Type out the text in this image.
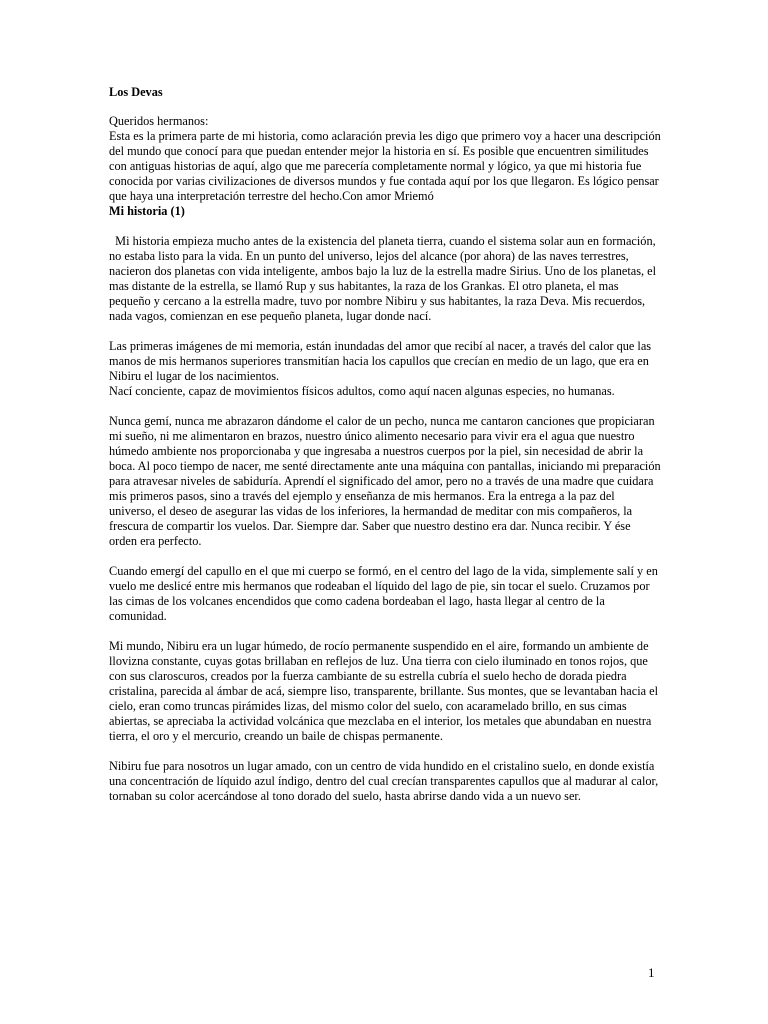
Los Devas

Queridos hermanos:

Esta es la primera parte de mi historia, como aclaración previa les digo que primero voy a hacer una descripción del mundo que conocí para que puedan entender mejor la historia en sí. Es posible que encuentren similitudes con antiguas historias de aquí, algo que me parecería completamente normal y lógico, ya que mi historia fue conocida por varias civilizaciones de diversos mundos y fue contada aquí por los que llegaron. Es lógico pensar que haya una interpretación terrestre del hecho.Con amor Mriemó

Mi historia (1)

Mi historia empieza mucho antes de la existencia del planeta tierra, cuando el sistema solar aun en formación, no estaba listo para la vida. En un punto del universo, lejos del alcance (por ahora) de las naves terrestres, nacieron dos planetas con vida inteligente, ambos bajo la luz de la estrella madre Sirius. Uno de los planetas, el mas distante de la estrella, se llamó Rup y sus habitantes, la raza de los Grankas. El otro planeta, el mas pequeño y cercano a la estrella madre, tuvo por nombre Nibiru y sus habitantes, la raza Deva. Mis recuerdos, nada vagos, comienzan en ese pequeño planeta, lugar donde nací.

Las primeras imágenes de mi memoria, están inundadas del amor que recibí al nacer, a través del calor que las manos de mis hermanos superiores transmitían hacia los capullos que crecían en medio de un lago, que era en Nibiru el lugar de los nacimientos.

Nací conciente, capaz de movimientos físicos adultos, como aquí nacen algunas especies, no humanas.

Nunca gemí, nunca me abrazaron dándome el calor de un pecho, nunca me cantaron canciones que propiciaran mi sueño, ni me alimentaron en brazos, nuestro único alimento necesario para vivir era el agua que nuestro húmedo ambiente nos proporcionaba y que ingresaba a nuestros cuerpos por la piel, sin necesidad de abrir la boca. Al poco tiempo de nacer, me senté directamente ante una máquina con pantallas, iniciando mi preparación para atravesar niveles de sabiduría. Aprendí el significado del amor, pero no a través de una madre que cuidara mis primeros pasos, sino a través del ejemplo y enseñanza de mis hermanos. Era la entrega a la paz del universo, el deseo de asegurar las vidas de los inferiores, la hermandad de meditar con mis compañeros, la frescura de compartir los vuelos. Dar. Siempre dar. Saber que nuestro destino era dar. Nunca recibir. Y ése orden era perfecto.

Cuando emergí del capullo en el que mi cuerpo se formó, en el centro del lago de la vida, simplemente salí y en vuelo me deslicé entre mis hermanos que rodeaban el líquido del lago de pie, sin tocar el suelo. Cruzamos por las cimas de los volcanes encendidos que como cadena bordeaban el lago, hasta llegar al centro de la comunidad.

Mi mundo, Nibiru era un lugar húmedo, de rocío permanente suspendido en el aire, formando un ambiente de llovizna constante, cuyas gotas brillaban en reflejos de luz. Una tierra con cielo iluminado en tonos rojos, que con sus claroscuros, creados por la fuerza cambiante de su estrella cubría el suelo hecho de dorada piedra cristalina, parecida al ámbar de acá, siempre liso, transparente, brillante. Sus montes, que se levantaban hacia el cielo, eran como truncas pirámides lizas, del mismo color del suelo, con acaramelado brillo, en sus cimas abiertas, se apreciaba la actividad volcánica que mezclaba en el interior, los metales que abundaban en nuestra tierra, el oro y el mercurio, creando un baile de chispas permanente.

Nibiru fue para nosotros un lugar amado, con un centro de vida hundido en el cristalino suelo, en donde existía una concentración de líquido azul índigo, dentro del cual crecían transparentes capullos que al madurar al calor, tornaban su color acercándose al tono dorado del suelo, hasta abrirse dando vida a un nuevo ser.

1
